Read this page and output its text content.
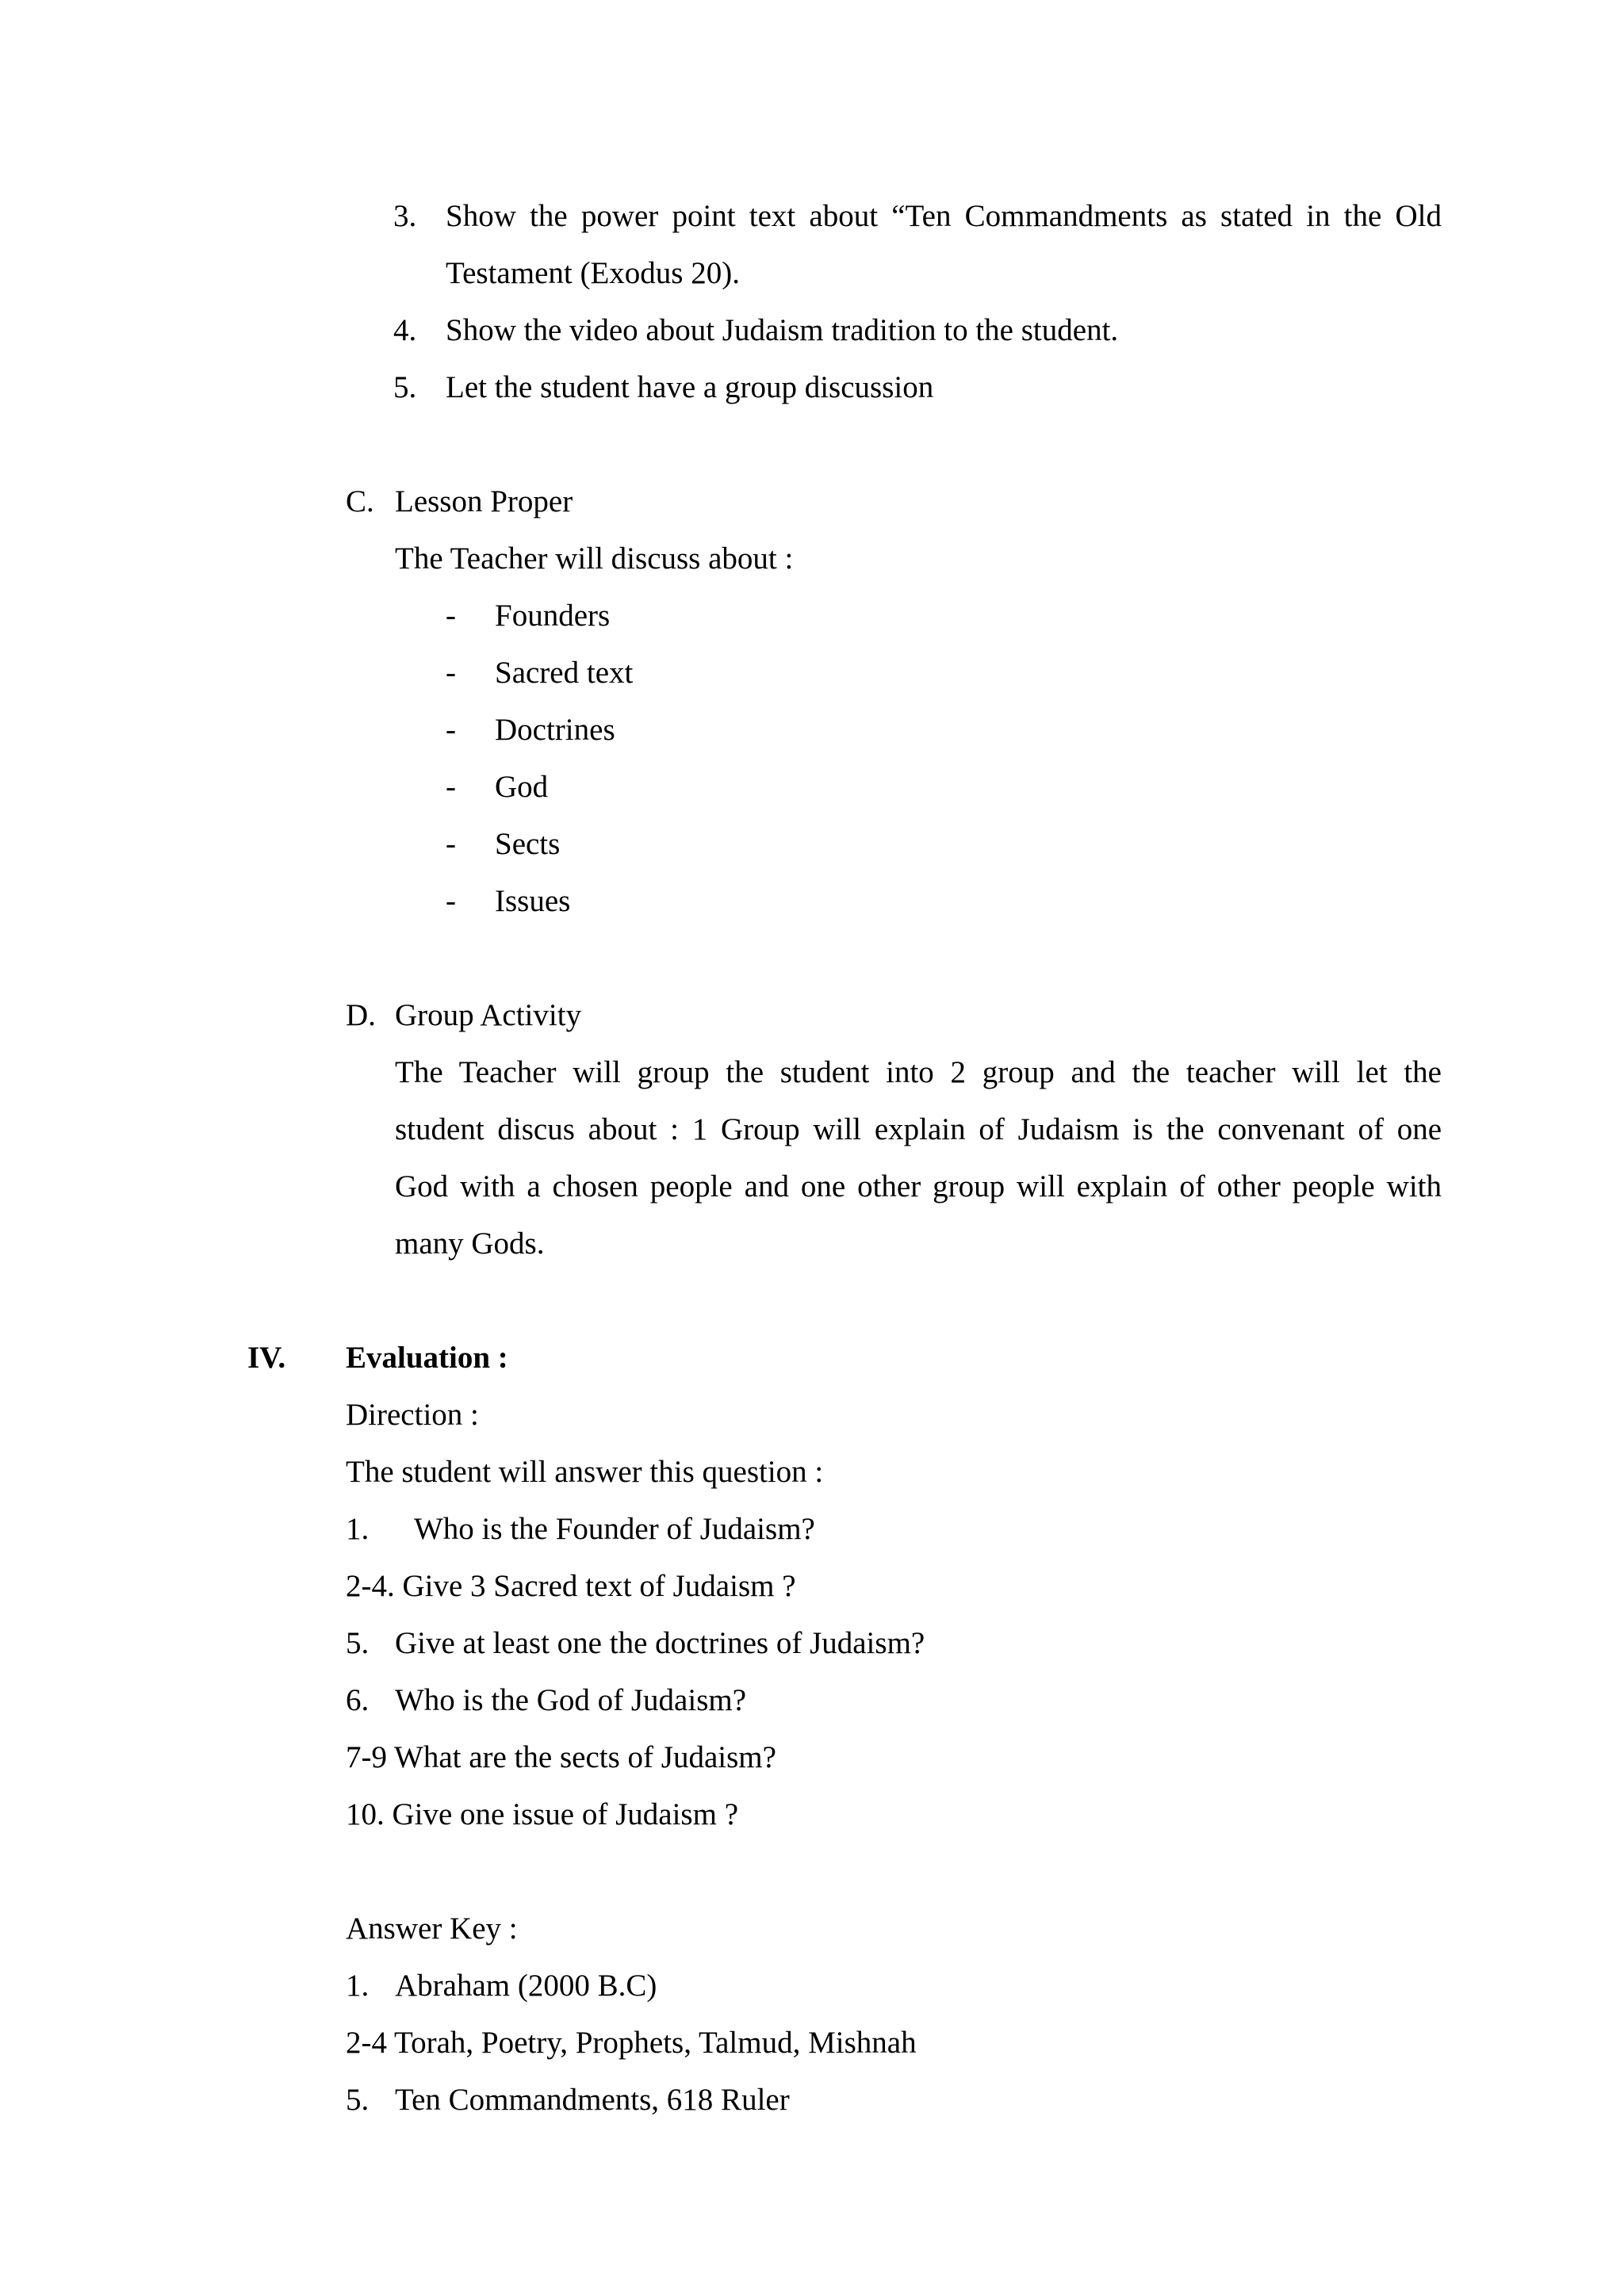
3. Show the power point text about “Ten Commandments as stated in the Old
Testament (Exodus 20).
4. Show the video about Judaism tradition to the student.
5. Let the student have a group discussion
C. Lesson Proper
The Teacher will discuss about :
- Founders
- Sacred text
- Doctrines
- God
- Sects
- Issues
D. Group Activity
The Teacher will group the student into 2 group and the teacher will let the
student discus about : 1 Group will explain of Judaism is the convenant of one
God with a chosen people and one other group will explain of other people with
many Gods.
IV. Evaluation :
Direction :
The student will answer this question :
1. Who is the Founder of Judaism?
2-4. Give 3 Sacred text of Judaism ?
5. Give at least one the doctrines of Judaism?
6. Who is the God of Judaism?
7-9 What are the sects of Judaism?
10. Give one issue of Judaism ?
Answer Key :
1. Abraham (2000 B.C)
2-4 Torah, Poetry, Prophets, Talmud, Mishnah
5. Ten Commandments, 618 Ruler
